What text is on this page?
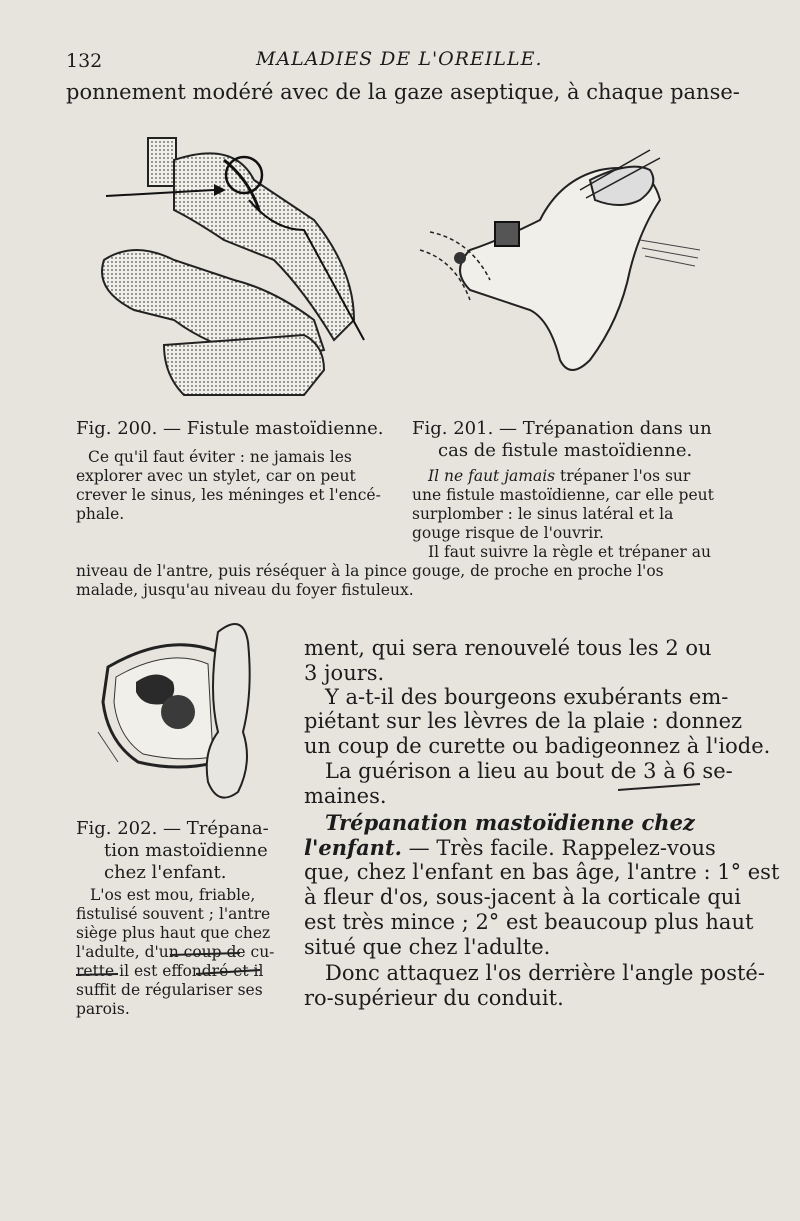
132	MALADIES DE L'OREILLE.
ponnement modéré avec de la gaze aseptique, à chaque panse-
Fig. 200. — Fistule mastoïdienne.
Ce qu'il faut éviter : ne jamais les
explorer avec un stylet, car on peut
crever le sinus, les méninges et l'encé-
phale.
Fig. 201. — Trépanation dans un
cas de fistule mastoïdienne.
Il ne faut jamais trépaner l'os sur
une fistule mastoïdienne, car elle peut
surplomber : le sinus latéral et la
gouge risque de l'ouvrir.
Il faut suivre la règle et trépaner au
niveau de l'antre, puis réséquer à la pince gouge, de proche en proche l'os
malade, jusqu'au niveau du foyer fistuleux.
Fig. 202. — Trépana-
tion mastoïdienne
chez l'enfant.
L'os est mou, friable,
fistulisé souvent ; l'antre
siège plus haut que chez
l'adulte, d'un coup de cu-
rette il est effondré et il
suffit de régulariser ses
parois.
ment, qui sera renouvelé tous les 2 ou
3 jours.
Y a-t-il des bourgeons exubérants em-
piétant sur les lèvres de la plaie : donnez
un coup de curette ou badigeonnez à l'iode.
La guérison a lieu au bout de 3 à 6 se-
maines.
Trépanation mastoïdienne chez
l'enfant. — Très facile. Rappelez-vous
que, chez l'enfant en bas âge, l'antre : 1° est
à fleur d'os, sous-jacent à la corticale qui
est très mince ; 2° est beaucoup plus haut
situé que chez l'adulte.
Donc attaquez l'os derrière l'angle posté-
ro-supérieur du conduit.
